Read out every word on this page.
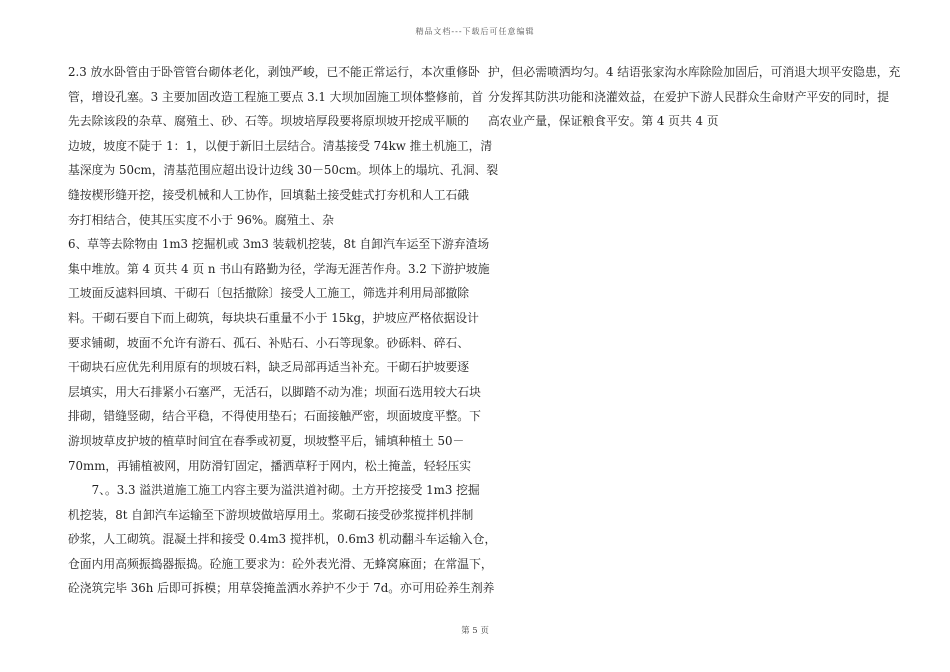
精品文档---下载后可任意编辑
2.3 放水卧管由于卧管管台砌体老化，剥蚀严峻，已不能正常运行，本次重修卧
管，增设孔塞。3 主要加固改造工程施工要点 3.1 大坝加固施工坝体整修前，首
先去除该段的杂草、腐殖土、砂、石等。坝坡培厚段要将原坝坡开挖成平顺的
边坡，坡度不陡于 1：1，以便于新旧土层结合。清基接受 74kw 推土机施工，清
基深度为 50cm，清基范围应超出设计边线 30－50cm。坝体上的塌坑、孔洞、裂
缝按楔形缝开挖，接受机械和人工协作，回填黏土接受蛙式打夯机和人工石硪
夯打相结合，使其压实度不小于 96%。腐殖土、杂
6、草等去除物由 1m3 挖掘机或 3m3 装载机挖装，8t 自卸汽车运至下游弃渣场
集中堆放。第 4 页共 4 页 n 书山有路勤为径，学海无涯苦作舟。3.2 下游护坡施
工坡面反滤料回填、干砌石〔包括撤除〕接受人工施工，筛选并利用局部撤除
料。干砌石要自下而上砌筑，每块块石重量不小于 15kg，护坡应严格依据设计
要求铺砌，坡面不允许有游石、孤石、补贴石、小石等现象。砂砾料、碎石、
干砌块石应优先利用原有的坝坡石料，缺乏局部再适当补充。干砌石护坡要逐
层填实，用大石排紧小石塞严，无活石，以脚踏不动为准；坝面石选用较大石块
排砌，错缝竖砌，结合平稳，不得使用垫石；石面接触严密，坝面坡度平整。下
游坝坡草皮护坡的植草时间宜在春季或初夏，坝坡整平后，铺填种植土 50－
70mm，再铺植被网，用防滑钉固定，播洒草籽于网内，松土掩盖，轻轻压实
　　7、。3.3 溢洪道施工施工内容主要为溢洪道衬砌。土方开挖接受 1m3 挖掘
机挖装，8t 自卸汽车运输至下游坝坡做培厚用土。浆砌石接受砂浆搅拌机拌制
砂浆，人工砌筑。混凝土拌和接受 0.4m3 搅拌机，0.6m3 机动翻斗车运输入仓，
仓面内用高频振捣器振捣。砼施工要求为：砼外表光滑、无蜂窝麻面；在常温下，
砼浇筑完毕 36h 后即可拆模；用草袋掩盖洒水养护不少于 7d。亦可用砼养生剂养
护，但必需喷洒均匀。4 结语张家沟水库除险加固后，可消退大坝平安隐患，充
分发挥其防洪功能和浇灌效益，在爱护下游人民群众生命财产平安的同时，提
高农业产量，保证粮食平安。第 4 页共 4 页
第 5 页
